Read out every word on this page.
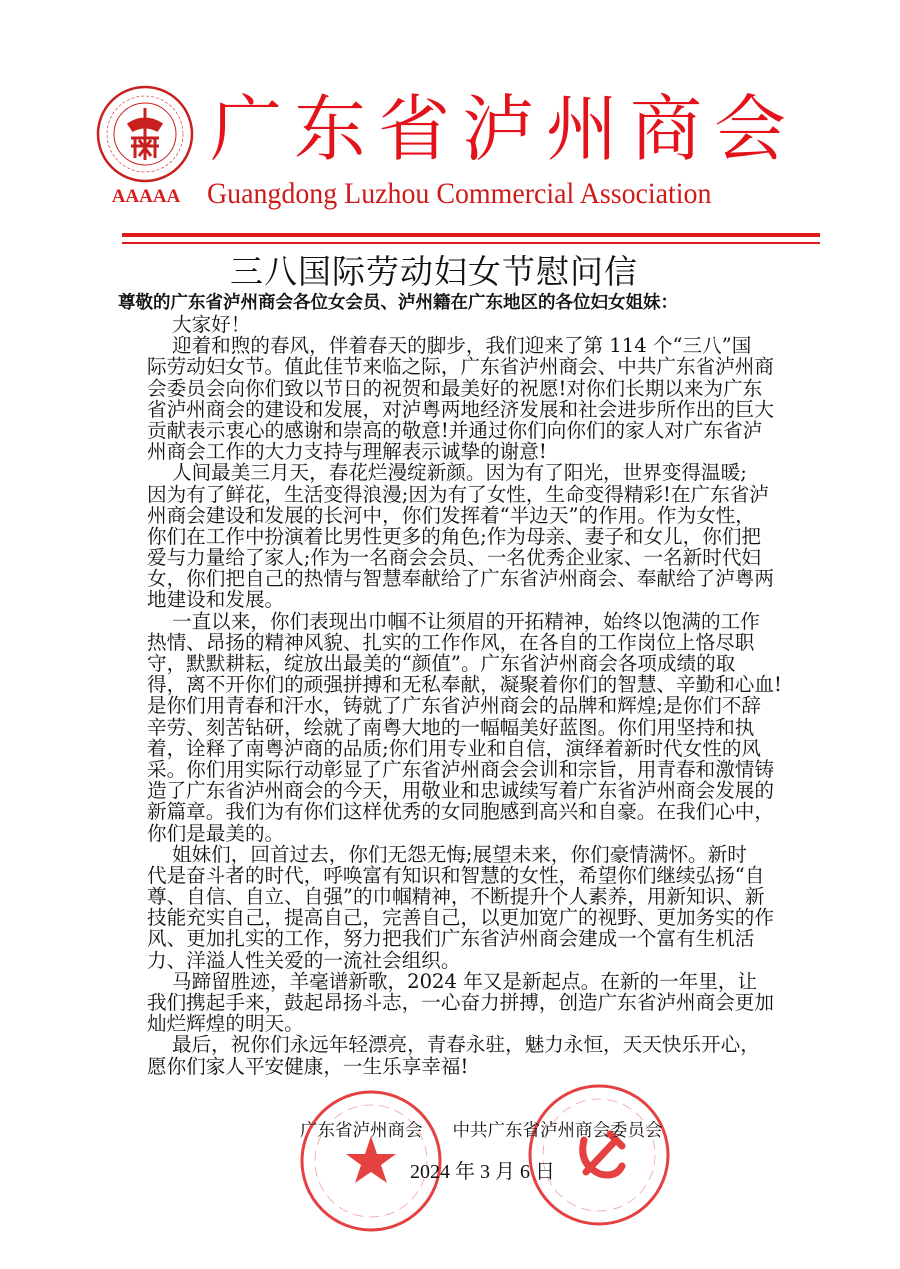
AAAAA
广东省泸州商会
Guangdong Luzhou Commercial Association
三八国际劳动妇女节慰问信
尊敬的广东省泸州商会各位女会员、泸州籍在广东地区的各位妇女姐妹：
大家好！
迎着和煦的春风，伴着春天的脚步，我们迎来了第 114 个“三八”国
际劳动妇女节。值此佳节来临之际，广东省泸州商会、中共广东省泸州商
会委员会向你们致以节日的祝贺和最美好的祝愿!对你们长期以来为广东
省泸州商会的建设和发展，对泸粤两地经济发展和社会进步所作出的巨大
贡献表示衷心的感谢和崇高的敬意!并通过你们向你们的家人对广东省泸
州商会工作的大力支持与理解表示诚挚的谢意!
人间最美三月天，春花烂漫绽新颜。因为有了阳光，世界变得温暖;
因为有了鲜花，生活变得浪漫;因为有了女性，生命变得精彩!在广东省泸
州商会建设和发展的长河中，你们发挥着“半边天”的作用。作为女性，
你们在工作中扮演着比男性更多的角色;作为母亲、妻子和女儿，你们把
爱与力量给了家人;作为一名商会会员、一名优秀企业家、一名新时代妇
女，你们把自己的热情与智慧奉献给了广东省泸州商会、奉献给了泸粤两
地建设和发展。
一直以来，你们表现出巾帼不让须眉的开拓精神，始终以饱满的工作
热情、昂扬的精神风貌、扎实的工作作风，在各自的工作岗位上恪尽职
守，默默耕耘，绽放出最美的“颜值”。广东省泸州商会各项成绩的取
得，离不开你们的顽强拼搏和无私奉献，凝聚着你们的智慧、辛勤和心血!
是你们用青春和汗水，铸就了广东省泸州商会的品牌和辉煌;是你们不辞
辛劳、刻苦钻研，绘就了南粤大地的一幅幅美好蓝图。你们用坚持和执
着，诠释了南粤泸商的品质;你们用专业和自信，演绎着新时代女性的风
采。你们用实际行动彰显了广东省泸州商会会训和宗旨，用青春和激情铸
造了广东省泸州商会的今天，用敬业和忠诚续写着广东省泸州商会发展的
新篇章。我们为有你们这样优秀的女同胞感到高兴和自豪。在我们心中，
你们是最美的。
姐妹们，回首过去，你们无怨无悔;展望未来，你们豪情满怀。新时
代是奋斗者的时代，呼唤富有知识和智慧的女性，希望你们继续弘扬“自
尊、自信、自立、自强”的巾帼精神，不断提升个人素养，用新知识、新
技能充实自己，提高自己，完善自己，以更加宽广的视野、更加务实的作
风、更加扎实的工作，努力把我们广东省泸州商会建成一个富有生机活
力、洋溢人性关爱的一流社会组织。
马蹄留胜迹，羊毫谱新歌，2024 年又是新起点。在新的一年里，让
我们携起手来，鼓起昂扬斗志，一心奋力拼搏，创造广东省泸州商会更加
灿烂辉煌的明天。
最后，祝你们永远年轻漂亮，青春永驻，魅力永恒，天天快乐开心，
愿你们家人平安健康，一生乐享幸福!
广东省泸州商会 中共广东省泸州商会委员会
2024 年 3 月 6 日
